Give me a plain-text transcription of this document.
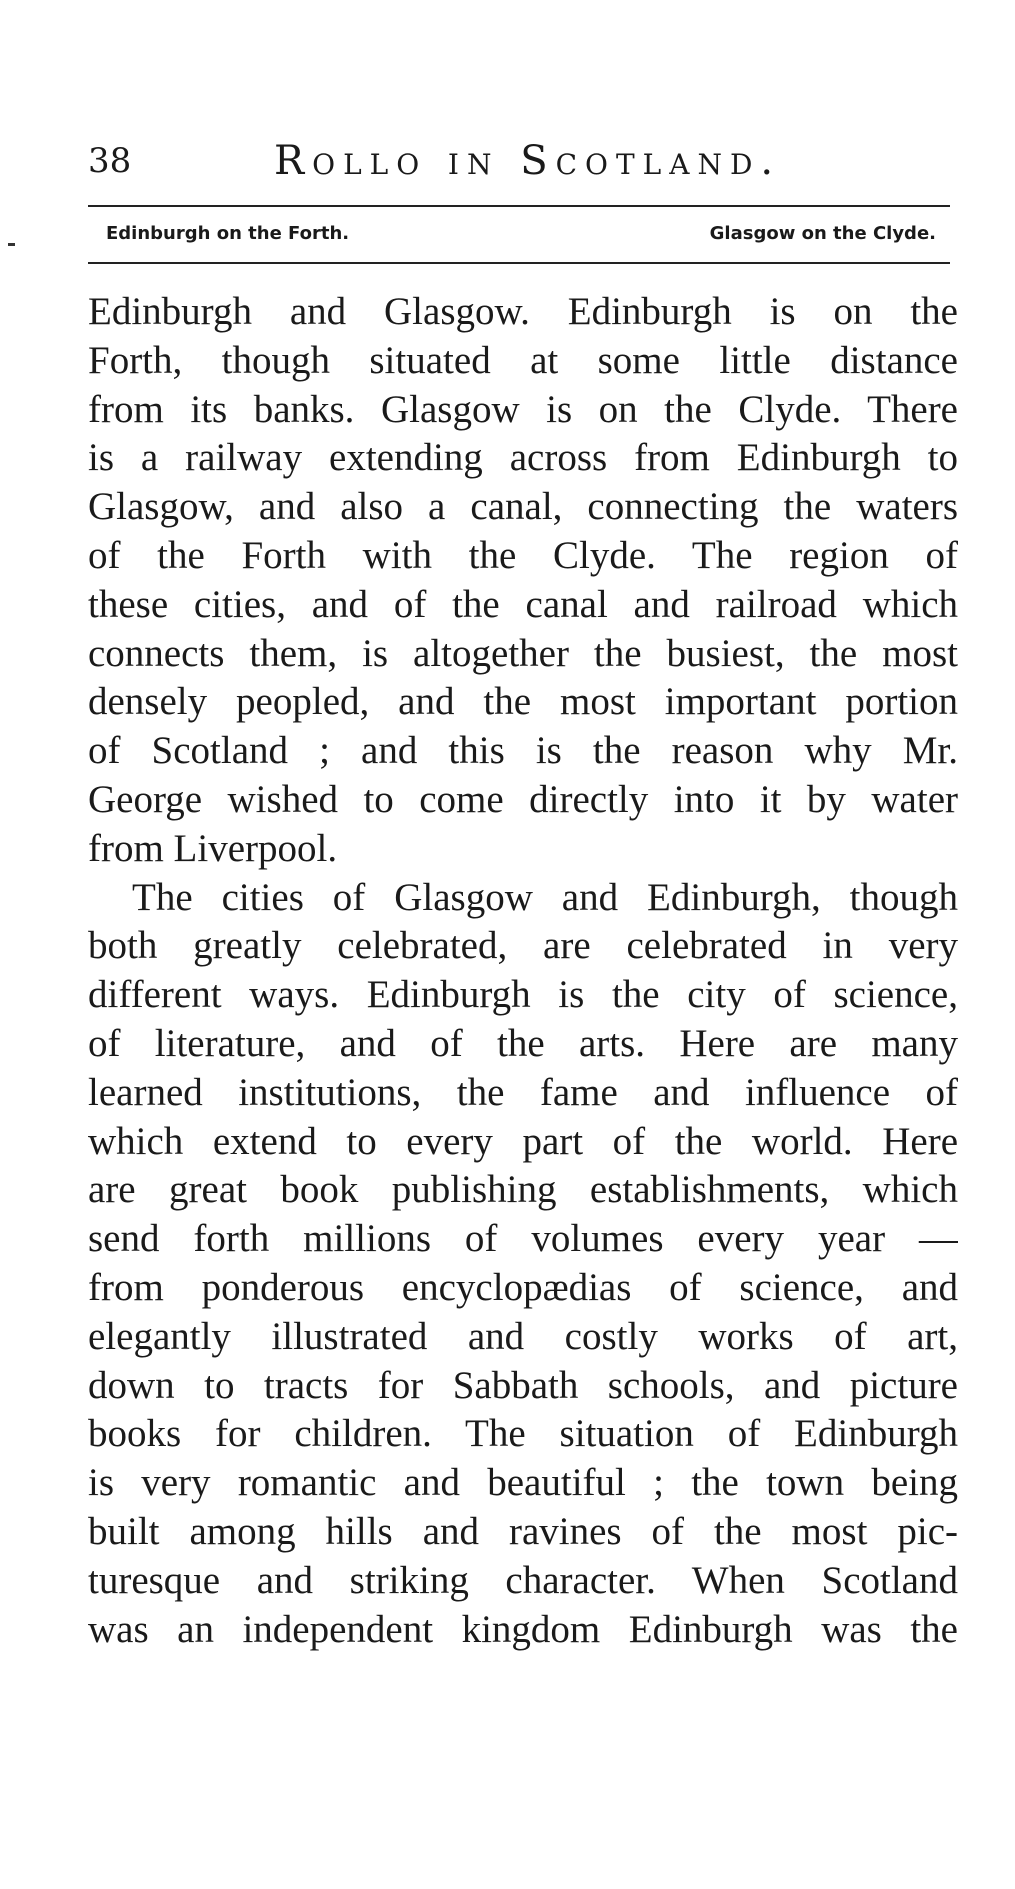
38	Rollo in Scotland.
Edinburgh on the Forth.	Glasgow on the Clyde.
Edinburgh and Glasgow. Edinburgh is on the
Forth, though situated at some little distance
from its banks. Glasgow is on the Clyde. There
is a railway extending across from Edinburgh to
Glasgow, and also a canal, connecting the waters
of the Forth with the Clyde. The region of
these cities, and of the canal and railroad which
connects them, is altogether the busiest, the most
densely peopled, and the most important portion
of Scotland ; and this is the reason why Mr.
George wished to come directly into it by water
from Liverpool.
The cities of Glasgow and Edinburgh, though
both greatly celebrated, are celebrated in very
different ways. Edinburgh is the city of science,
of literature, and of the arts. Here are many
learned institutions, the fame and influence of
which extend to every part of the world. Here
are great book publishing establishments, which
send forth millions of volumes every year —
from ponderous encyclopædias of science, and
elegantly illustrated and costly works of art,
down to tracts for Sabbath schools, and picture
books for children. The situation of Edinburgh
is very romantic and beautiful ; the town being
built among hills and ravines of the most pic-
turesque and striking character. When Scotland
was an independent kingdom Edinburgh was the
